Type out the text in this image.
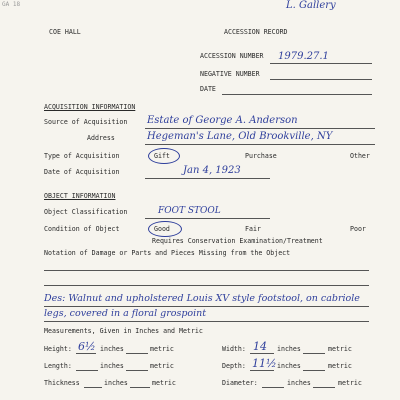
GA 18	L. Gallery
COE HALL	ACCESSION RECORD
ACCESSION NUMBER 1979.27.1
NEGATIVE NUMBER
DATE
ACQUISITION INFORMATION
Source of Acquisition Estate of George A. Anderson
Address	Hegeman's Lane, Old Brookville, NY
Type of Acquisition	Gift	Purchase	Other
Date of Acquisition	Jan 4, 1923
OBJECT INFORMATION
Object Classification	FOOT STOOL
Condition of Object	Good	Fair	Poor
Requires Conservation Examination/Treatment
Notation of Damage or Parts and Pieces Missing from the Object
Des: Walnut and upholstered Louis XV style footstool, on cabriole
legs, covered in a floral grospoint
Measurements, Given in Inches and Metric
Height: 6½ inches	metric	Width: 14 inches	metric
Length:	inches	metric	Depth: 11½ inches	metric
Thickness	inches	metric	Diameter:	inches	metric
